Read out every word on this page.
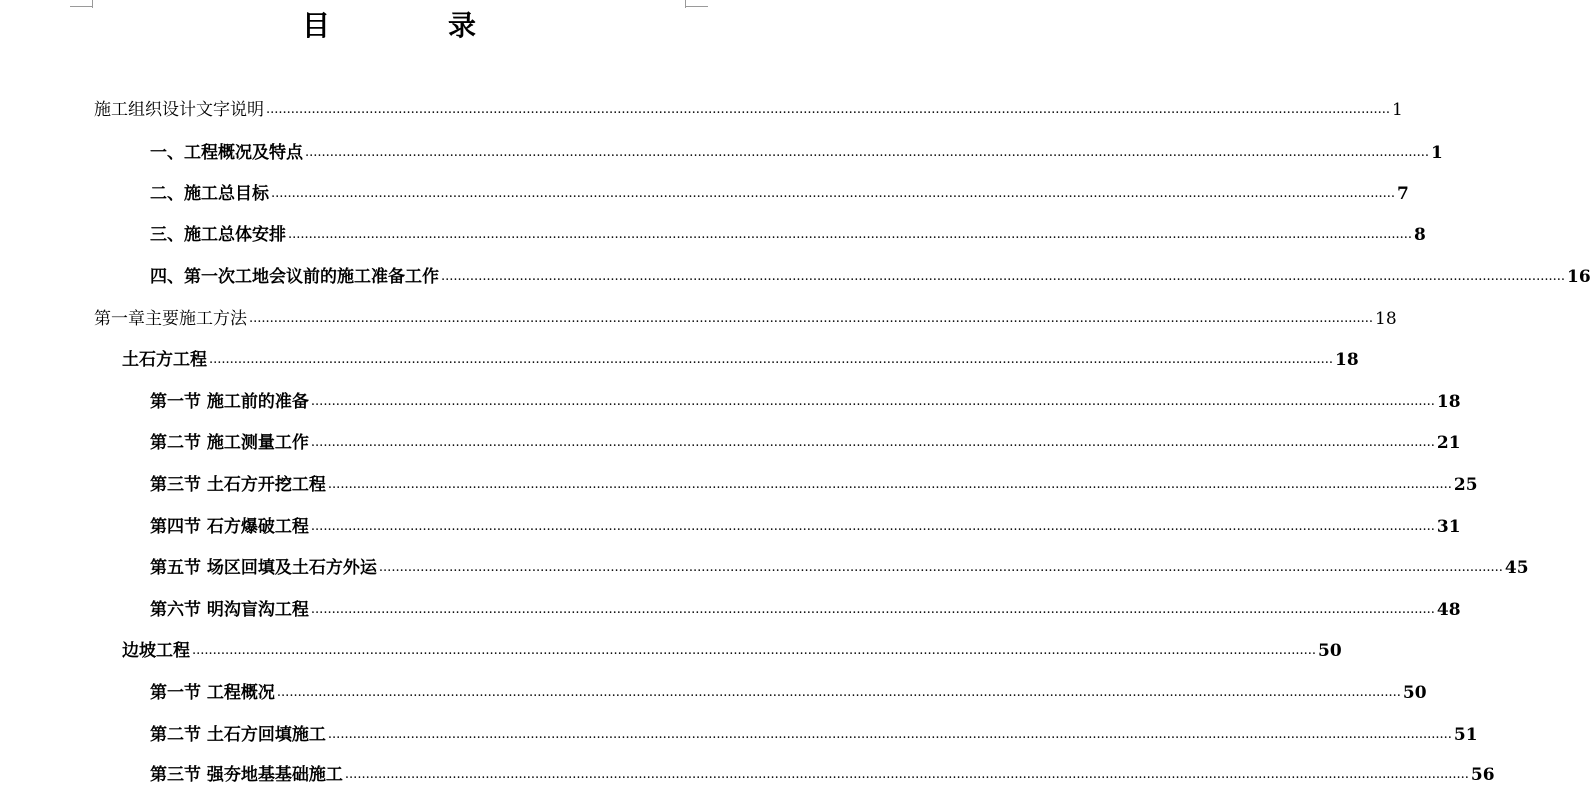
目	录
施工组织设计文字说明 ................................................................................................................................................................................................................................................................................ 1
一、工程概况及特点 ................................................................................................................................................................................................................................................................................ 1
二、施工总目标 ................................................................................................................................................................................................................................................................................ 7
三、施工总体安排 ................................................................................................................................................................................................................................................................................ 8
四、第一次工地会议前的施工准备工作 ................................................................................................................................................................................................................................................................................ 16
第一章主要施工方法 ................................................................................................................................................................................................................................................................................ 18
土石方工程 ................................................................................................................................................................................................................................................................................ 18
第一节 施工前的准备 ................................................................................................................................................................................................................................................................................ 18
第二节 施工测量工作 ................................................................................................................................................................................................................................................................................ 21
第三节 土石方开挖工程 ................................................................................................................................................................................................................................................................................ 25
第四节 石方爆破工程 ................................................................................................................................................................................................................................................................................ 31
第五节 场区回填及土石方外运 ................................................................................................................................................................................................................................................................................ 45
第六节 明沟盲沟工程 ................................................................................................................................................................................................................................................................................ 48
边坡工程 ................................................................................................................................................................................................................................................................................ 50
第一节 工程概况 ................................................................................................................................................................................................................................................................................ 50
第二节 土石方回填施工 ................................................................................................................................................................................................................................................................................ 51
第三节 强夯地基基础施工 ................................................................................................................................................................................................................................................................................ 56
